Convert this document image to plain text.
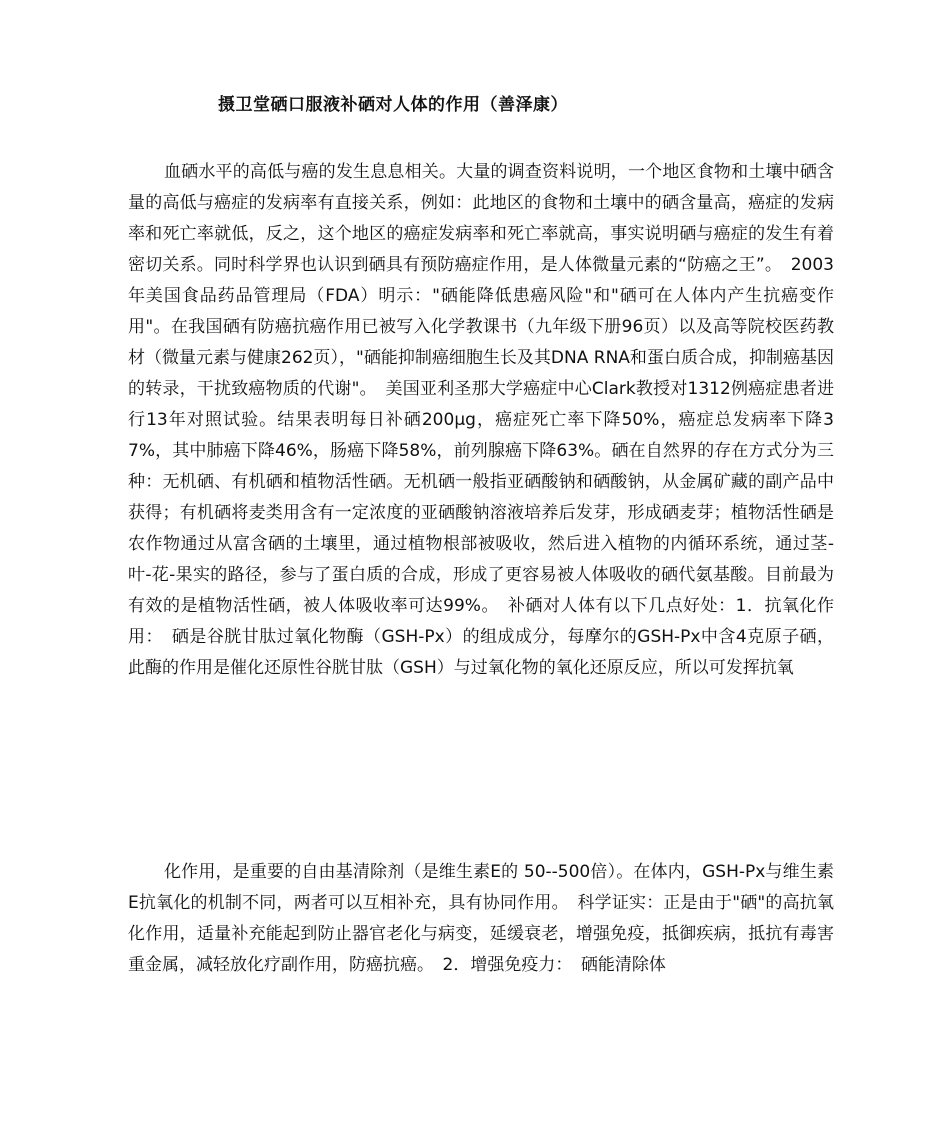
摄卫堂硒口服液补硒对人体的作用（善泽康）

血硒水平的高低与癌的发生息息相关。大量的调查资料说明，一个地区食物和土壤中硒含量的高低与癌症的发病率有直接关系，例如：此地区的食物和土壤中的硒含量高，癌症的发病率和死亡率就低，反之，这个地区的癌症发病率和死亡率就高，事实说明硒与癌症的发生有着密切关系。同时科学界也认识到硒具有预防癌症作用，是人体微量元素的“防癌之王”。　2003年美国食品药品管理局（FDA）明示："硒能降低患癌风险"和"硒可在人体内产生抗癌变作用"。在我国硒有防癌抗癌作用已被写入化学教课书（九年级下册96页）以及高等院校医药教材（微量元素与健康262页），"硒能抑制癌细胞生长及其DNA RNA和蛋白质合成，抑制癌基因的转录，干扰致癌物质的代谢"。　美国亚利圣那大学癌症中心Clark教授对1312例癌症患者进行13年对照试验。结果表明每日补硒200μg，癌症死亡率下降50%，癌症总发病率下降37%，其中肺癌下降46%，肠癌下降58%，前列腺癌下降63%。硒在自然界的存在方式分为三种：无机硒、有机硒和植物活性硒。无机硒一般指亚硒酸钠和硒酸钠，从金属矿藏的副产品中获得；有机硒将麦类用含有一定浓度的亚硒酸钠溶液培养后发芽，形成硒麦芽；植物活性硒是农作物通过从富含硒的土壤里，通过植物根部被吸收，然后进入植物的内循环系统，通过茎-叶-花-果实的路径，参与了蛋白质的合成，形成了更容易被人体吸收的硒代氨基酸。目前最为有效的是植物活性硒，被人体吸收率可达99%。　补硒对人体有以下几点好处：1．抗氧化作用：　硒是谷胱甘肽过氧化物酶（GSH-Px）的组成成分，每摩尔的GSH-Px中含4克原子硒，此酶的作用是催化还原性谷胱甘肽（GSH）与过氧化物的氧化还原反应，所以可发挥抗氧

化作用，是重要的自由基清除剂（是维生素E的 50--500倍）。在体内，GSH-Px与维生素E抗氧化的机制不同，两者可以互相补充，具有协同作用。　科学证实：正是由于"硒"的高抗氧化作用，适量补充能起到防止器官老化与病变，延缓衰老，增强免疫，抵御疾病，抵抗有毒害重金属，减轻放化疗副作用，防癌抗癌。　2．增强免疫力：　硒能清除体
